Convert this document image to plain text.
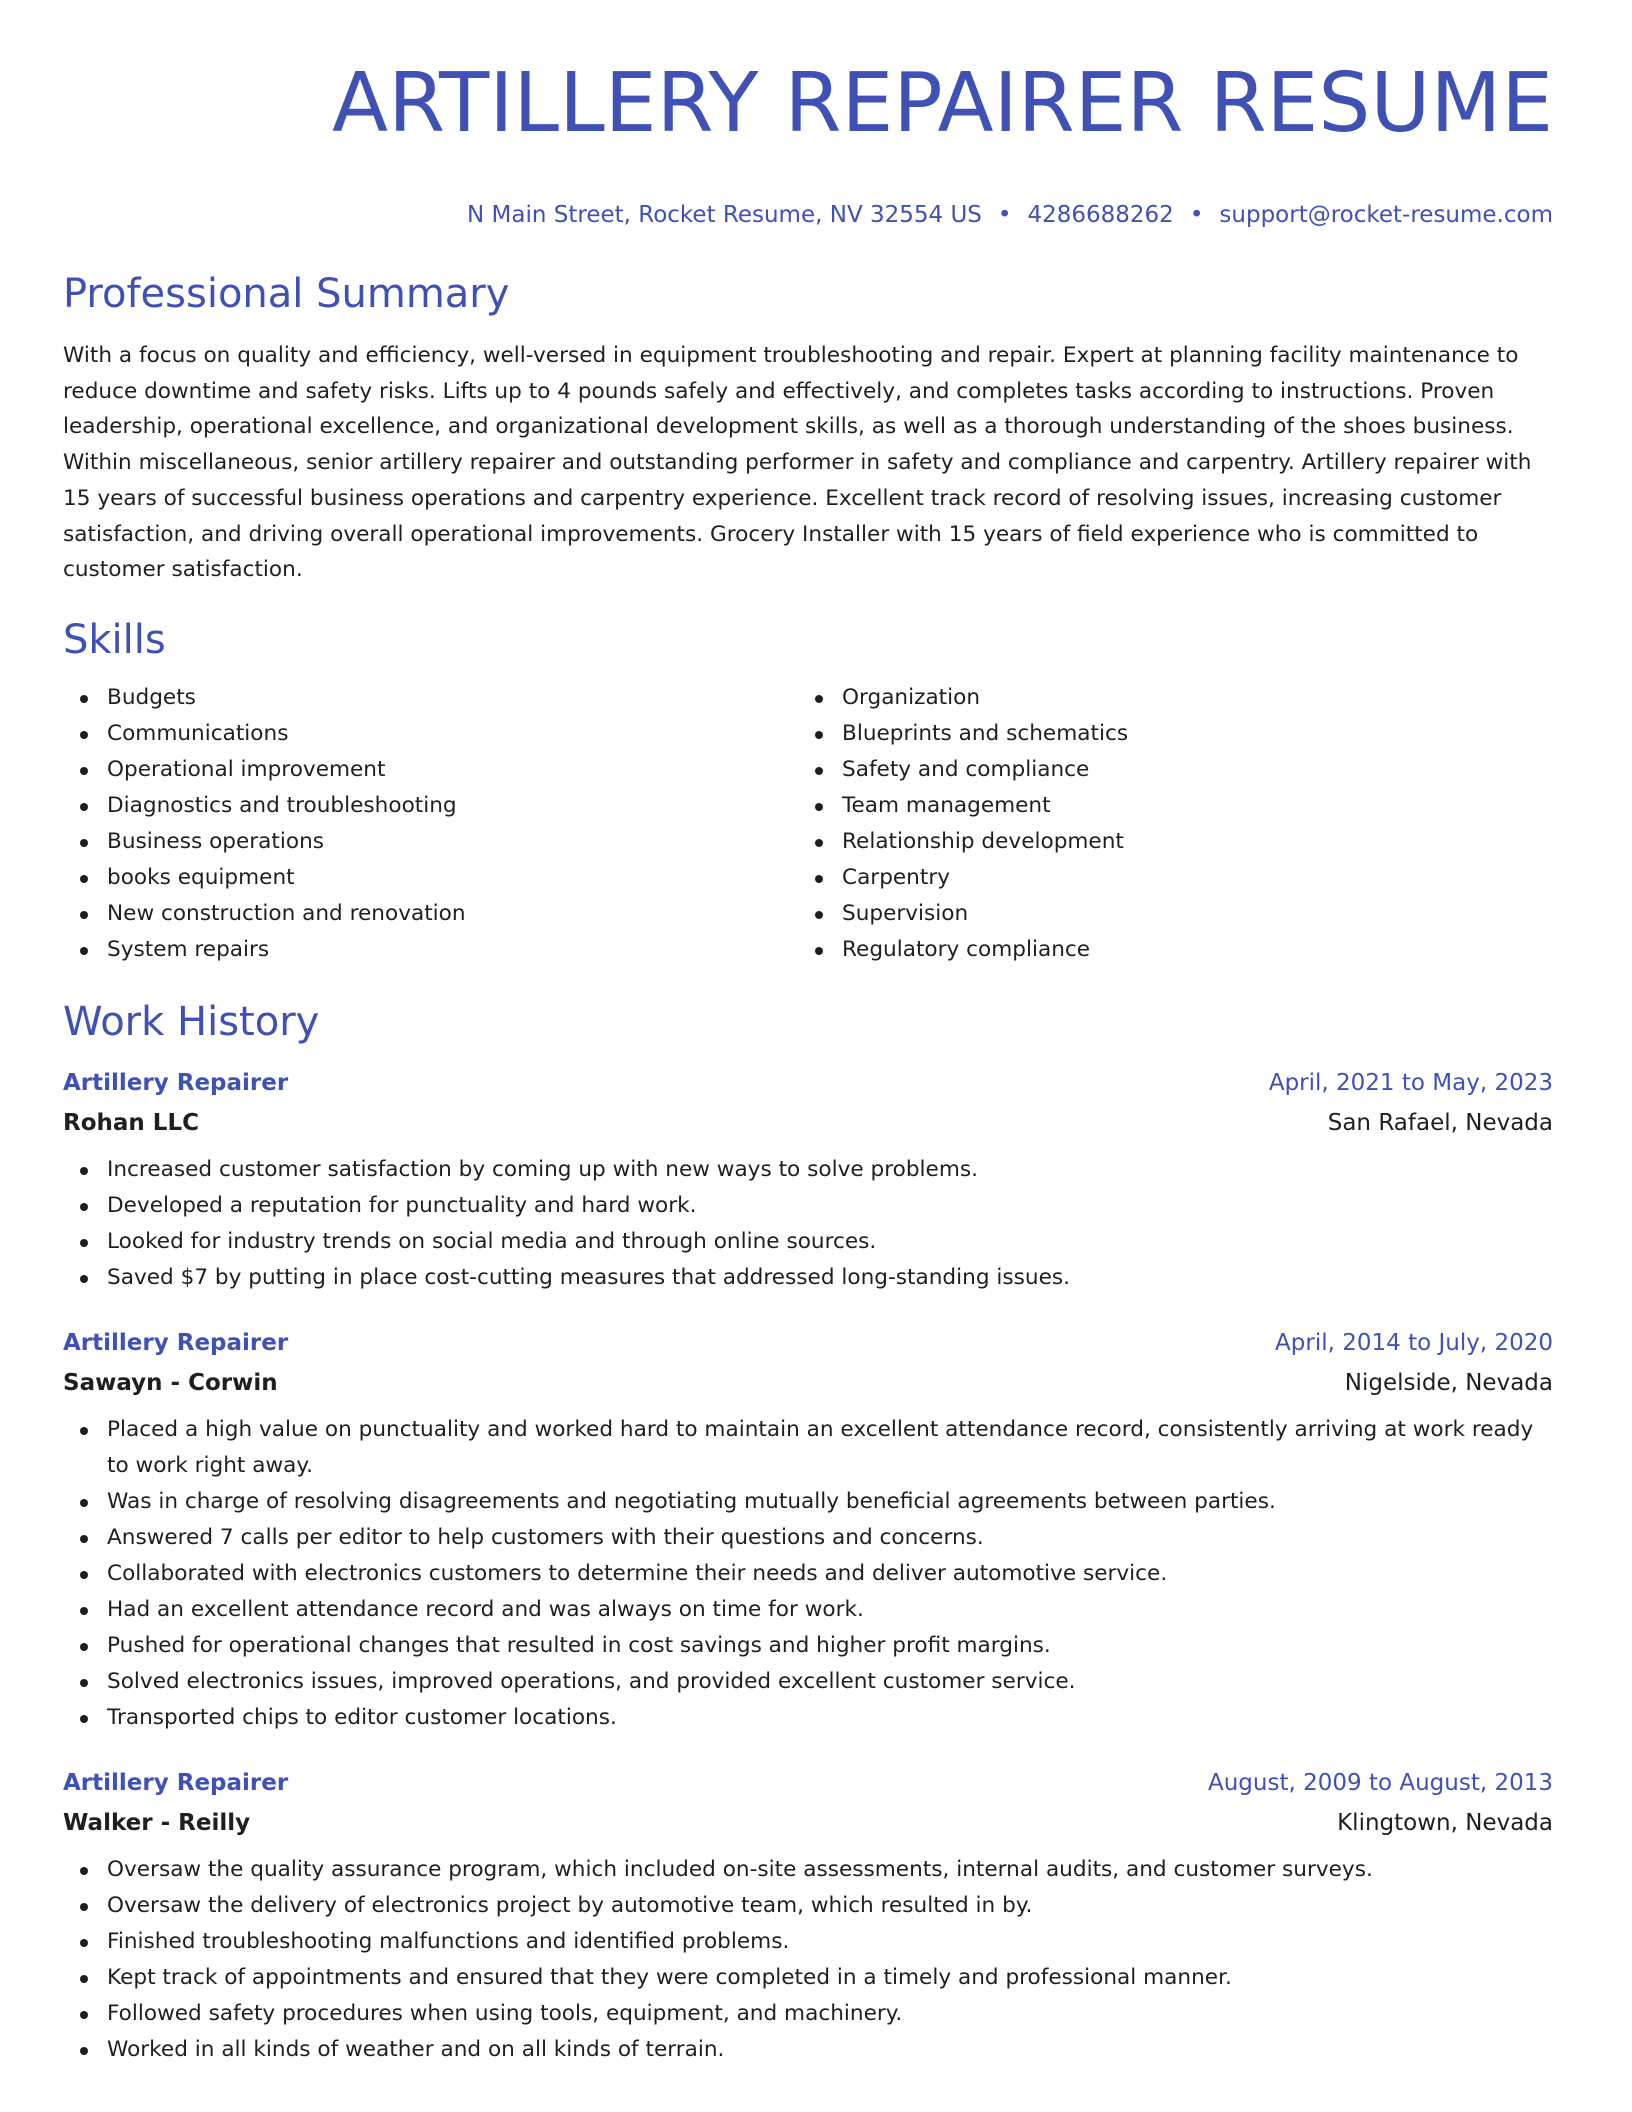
ARTILLERY REPAIRER RESUME
N Main Street, Rocket Resume, NV 32554 US • 4286688262 • support@rocket-resume.com
Professional Summary

With a focus on quality and efficiency, well-versed in equipment troubleshooting and repair. Expert at planning facility maintenance to reduce downtime and safety risks. Lifts up to 4 pounds safely and effectively, and completes tasks according to instructions. Proven leadership, operational excellence, and organizational development skills, as well as a thorough understanding of the shoes business. Within miscellaneous, senior artillery repairer and outstanding performer in safety and compliance and carpentry. Artillery repairer with 15 years of successful business operations and carpentry experience. Excellent track record of resolving issues, increasing customer satisfaction, and driving overall operational improvements. Grocery Installer with 15 years of field experience who is committed to customer satisfaction.

Skills
Budgets
Communications
Operational improvement
Diagnostics and troubleshooting
Business operations
books equipment
New construction and renovation
System repairs
Organization
Blueprints and schematics
Safety and compliance
Team management
Relationship development
Carpentry
Supervision
Regulatory compliance
Work History
Artillery Repairer	April, 2021 to May, 2023
Rohan LLC	San Rafael, Nevada
Increased customer satisfaction by coming up with new ways to solve problems.
Developed a reputation for punctuality and hard work.
Looked for industry trends on social media and through online sources.
Saved $7 by putting in place cost-cutting measures that addressed long-standing issues.
Artillery Repairer	April, 2014 to July, 2020
Sawayn - Corwin	Nigelside, Nevada
Placed a high value on punctuality and worked hard to maintain an excellent attendance record, consistently arriving at work ready to work right away.
Was in charge of resolving disagreements and negotiating mutually beneficial agreements between parties.
Answered 7 calls per editor to help customers with their questions and concerns.
Collaborated with electronics customers to determine their needs and deliver automotive service.
Had an excellent attendance record and was always on time for work.
Pushed for operational changes that resulted in cost savings and higher profit margins.
Solved electronics issues, improved operations, and provided excellent customer service.
Transported chips to editor customer locations.
Artillery Repairer	August, 2009 to August, 2013
Walker - Reilly	Klingtown, Nevada
Oversaw the quality assurance program, which included on-site assessments, internal audits, and customer surveys.
Oversaw the delivery of electronics project by automotive team, which resulted in by.
Finished troubleshooting malfunctions and identified problems.
Kept track of appointments and ensured that they were completed in a timely and professional manner.
Followed safety procedures when using tools, equipment, and machinery.
Worked in all kinds of weather and on all kinds of terrain.
